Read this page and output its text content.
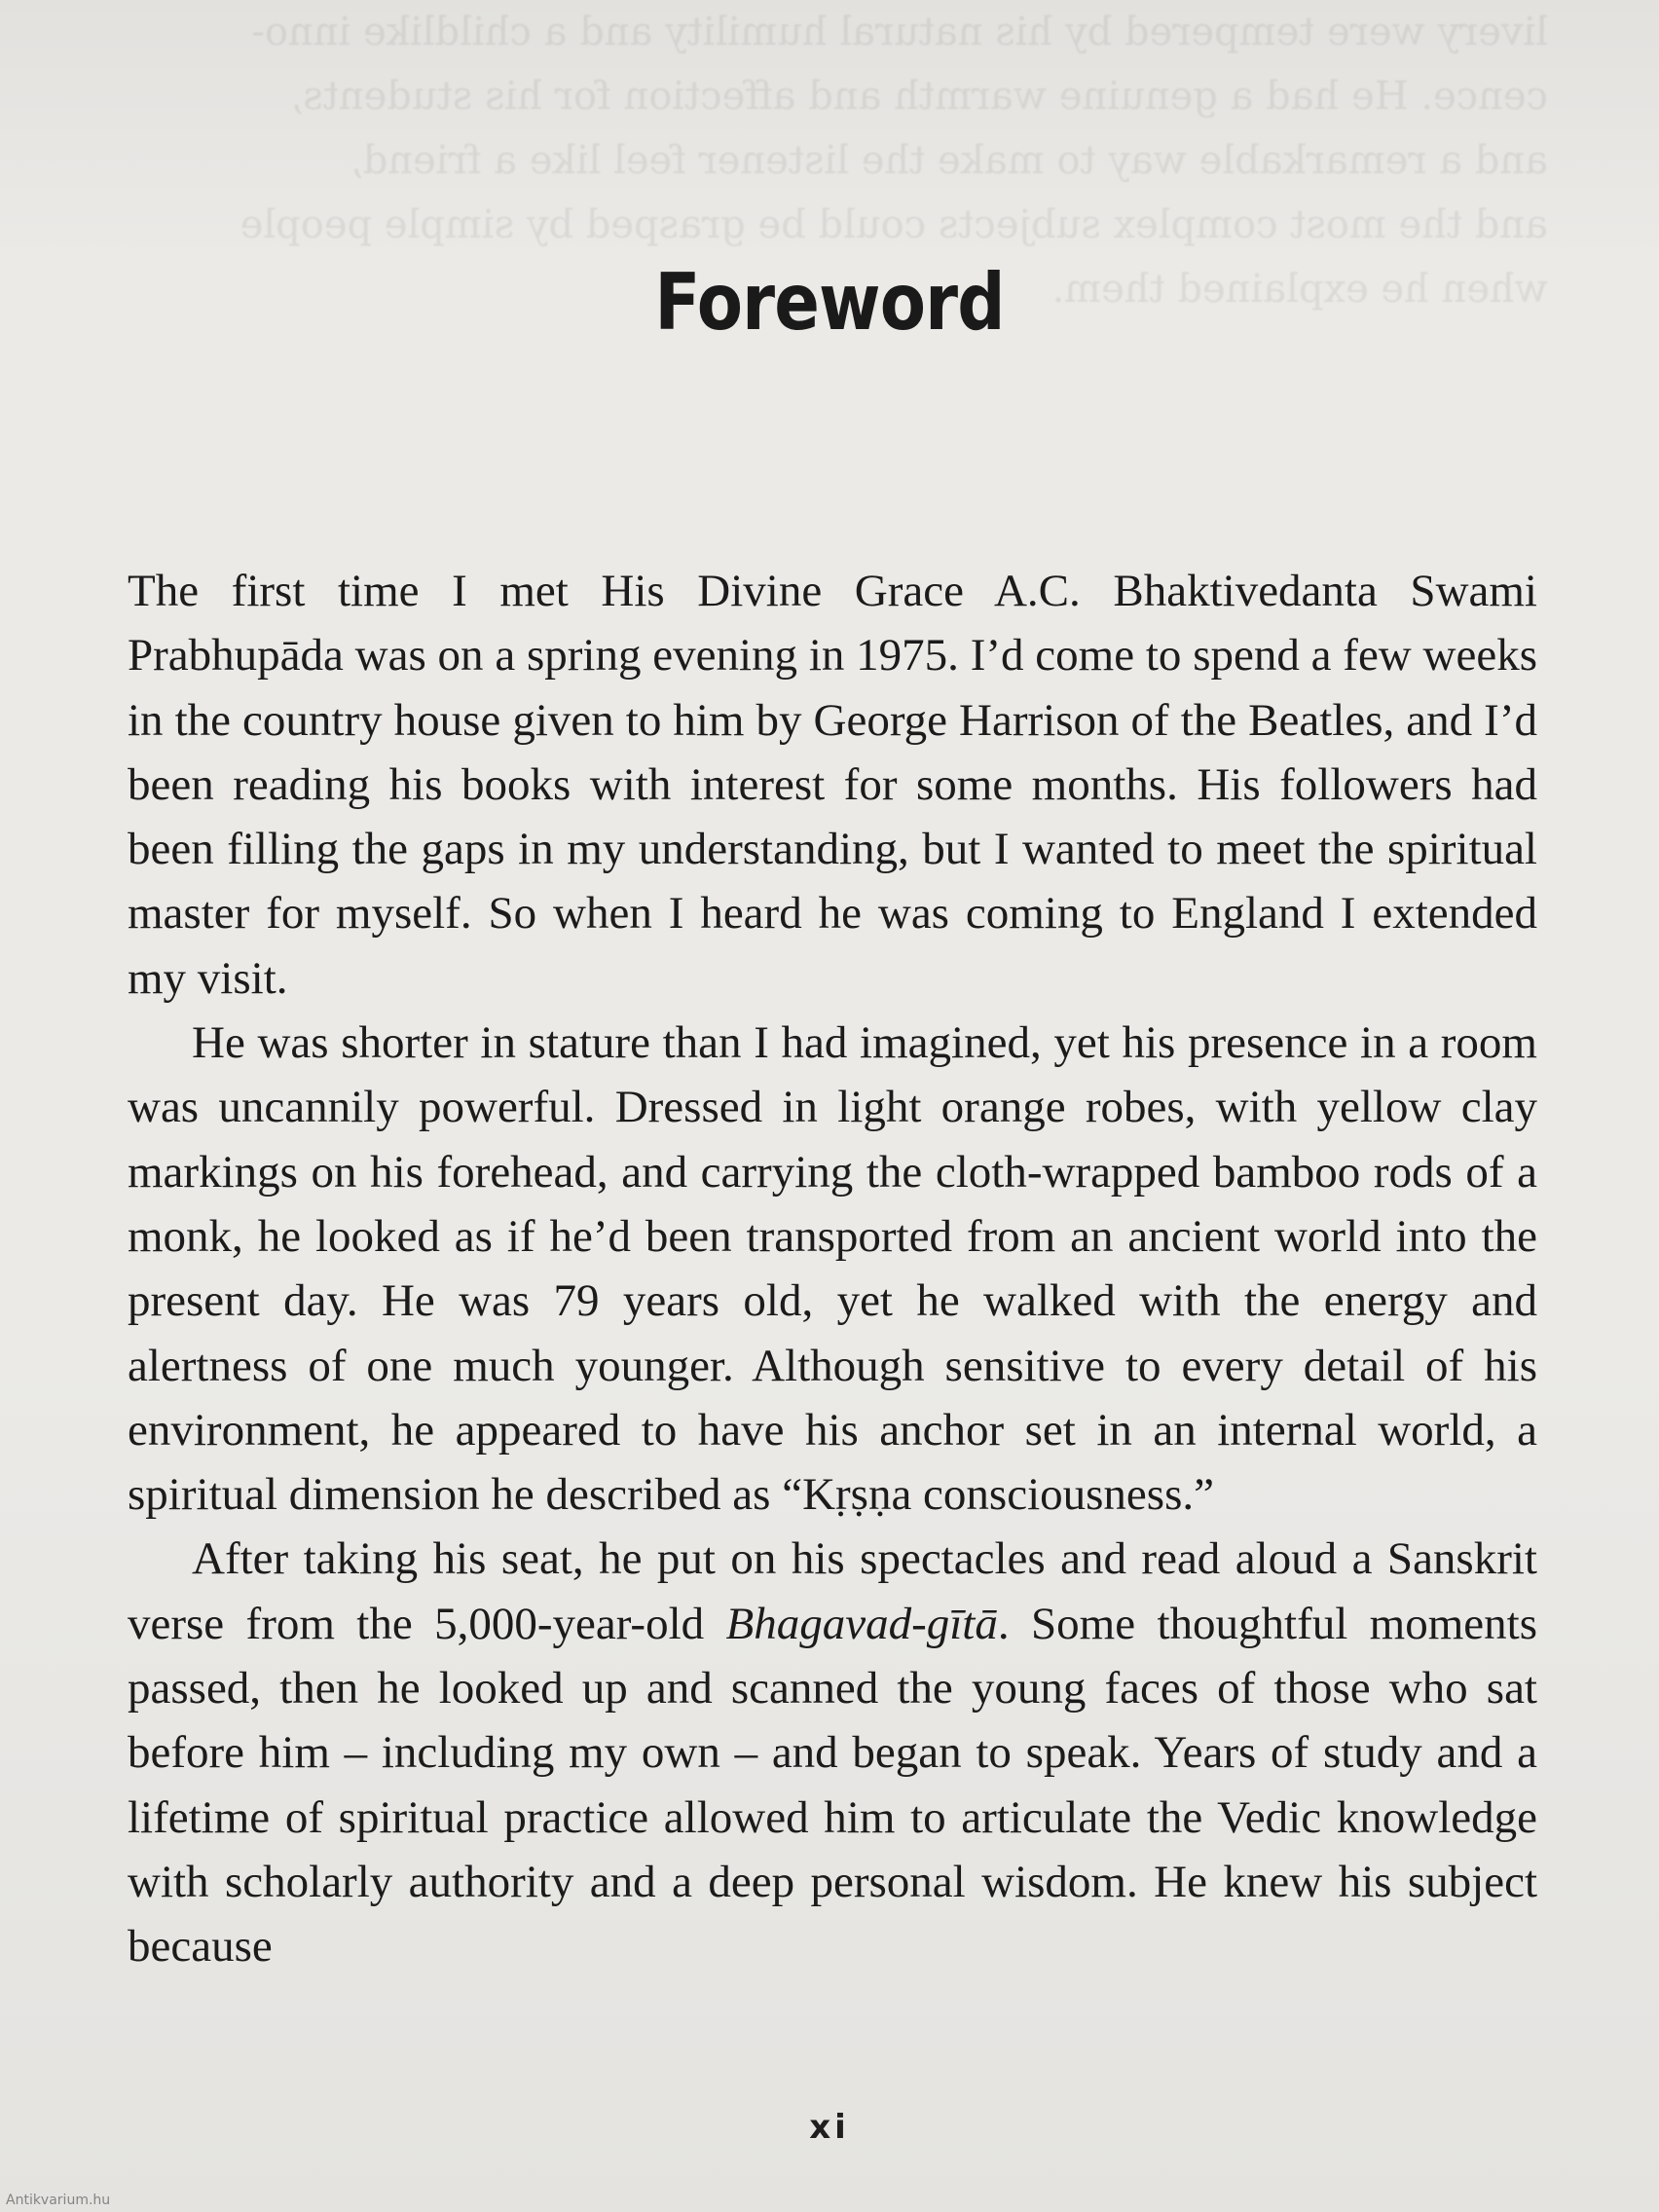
livery were tempered by his natural humility and a childlike inno-

cence. He had a genuine warmth and affection for his students,

and a remarkable way to make the listener feel like a friend,

and the most complex subjects could be grasped by simple people

when he explained them.

Foreword

The first time I met His Divine Grace A.C. Bhaktivedanta Swami Prabhupāda was on a spring evening in 1975. I’d come to spend a few weeks in the country house given to him by George Harrison of the Beatles, and I’d been reading his books with interest for some months. His followers had been filling the gaps in my understanding, but I wanted to meet the spiritual master for myself. So when I heard he was coming to England I extended my visit.

He was shorter in stature than I had imagined, yet his presence in a room was uncannily powerful. Dressed in light orange robes, with yellow clay markings on his forehead, and carrying the cloth-wrapped bamboo rods of a monk, he looked as if he’d been transported from an ancient world into the present day. He was 79 years old, yet he walked with the energy and alertness of one much younger. Although sensitive to every detail of his environment, he appeared to have his anchor set in an internal world, a spiritual dimension he described as “Kṛṣṇa consciousness.”

After taking his seat, he put on his spectacles and read aloud a Sanskrit verse from the 5,000-year-old Bhagavad-gītā. Some thoughtful moments passed, then he looked up and scanned the young faces of those who sat before him – including my own – and began to speak. Years of study and a lifetime of spiritual practice allowed him to articulate the Vedic knowledge with scholarly authority and a deep personal wisdom. He knew his subject because

xi
Antikvarium.hu
